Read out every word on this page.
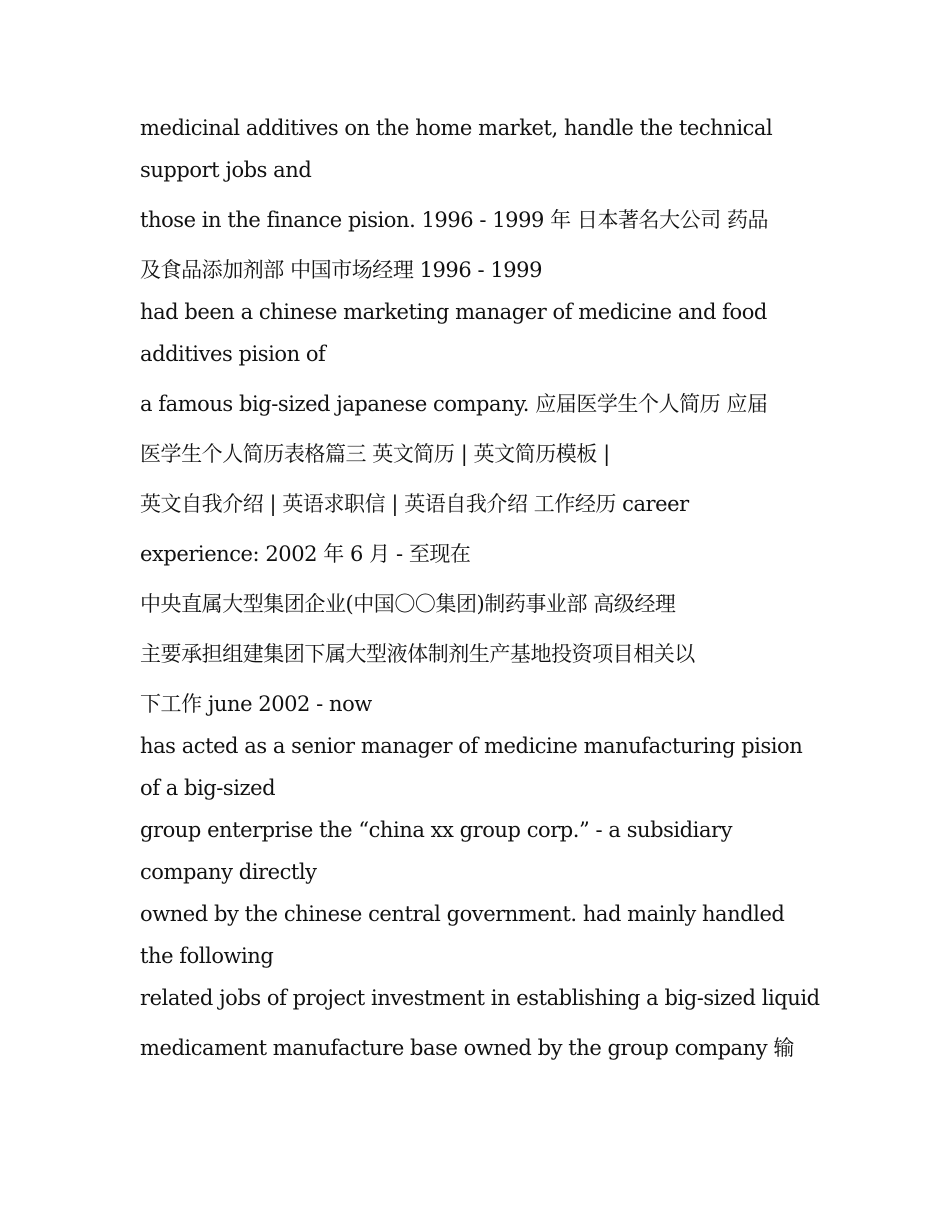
medicinal additives on the home market, handle the technical
support jobs and
those in the finance pision. 1996 - 1999 年 日本著名大公司 药品
及食品添加剂部 中国市场经理 1996 - 1999
had been a chinese marketing manager of medicine and food
additives pision of
a famous big-sized japanese company. 应届医学生个人简历 应届
医学生个人简历表格篇三 英文简历 | 英文简历模板 |
英文自我介绍 | 英语求职信 | 英语自我介绍 工作经历 career
experience: 2002 年 6 月 - 至现在
中央直属大型集团企业(中国〇〇集团)制药事业部 高级经理
主要承担组建集团下属大型液体制剂生产基地投资项目相关以
下工作 june 2002 - now
has acted as a senior manager of medicine manufacturing pision
of a big-sized
group enterprise the “china xx group corp.” - a subsidiary
company directly
owned by the chinese central government. had mainly handled
the following
related jobs of project investment in establishing a big-sized liquid
medicament manufacture base owned by the group company 输
